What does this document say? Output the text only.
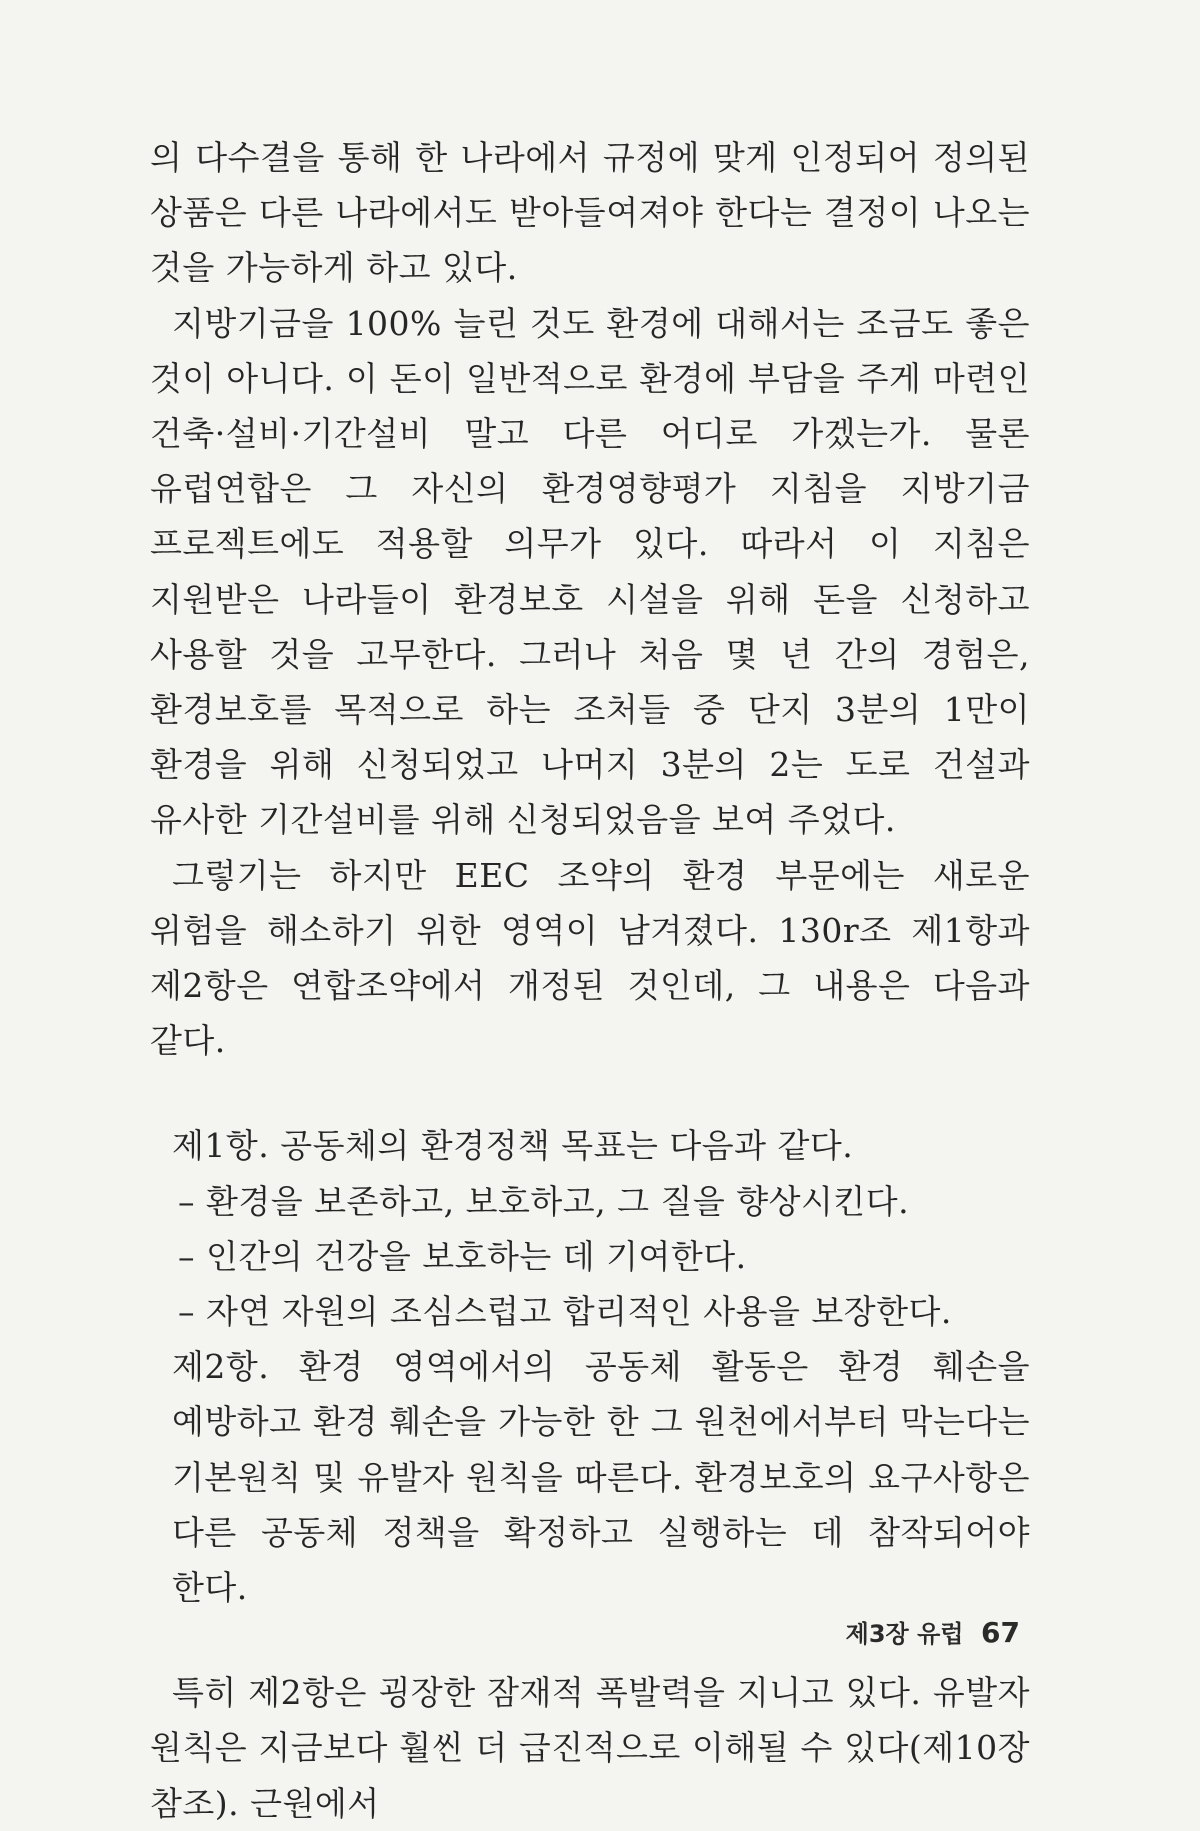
의 다수결을 통해 한 나라에서 규정에 맞게 인정되어 정의된 상품은 다른 나라에서도 받아들여져야 한다는 결정이 나오는 것을 가능하게 하고 있다.

지방기금을 100% 늘린 것도 환경에 대해서는 조금도 좋은 것이 아니다. 이 돈이 일반적으로 환경에 부담을 주게 마련인 건축·설비·기간설비 말고 다른 어디로 가겠는가. 물론 유럽연합은 그 자신의 환경영향평가 지침을 지방기금 프로젝트에도 적용할 의무가 있다. 따라서 이 지침은 지원받은 나라들이 환경보호 시설을 위해 돈을 신청하고 사용할 것을 고무한다. 그러나 처음 몇 년 간의 경험은, 환경보호를 목적으로 하는 조처들 중 단지 3분의 1만이 환경을 위해 신청되었고 나머지 3분의 2는 도로 건설과 유사한 기간설비를 위해 신청되었음을 보여 주었다.

그렇기는 하지만 EEC 조약의 환경 부문에는 새로운 위험을 해소하기 위한 영역이 남겨졌다. 130r조 제1항과 제2항은 연합조약에서 개정된 것인데, 그 내용은 다음과 같다.

제1항. 공동체의 환경정책 목표는 다음과 같다.

– 환경을 보존하고, 보호하고, 그 질을 향상시킨다.

– 인간의 건강을 보호하는 데 기여한다.

– 자연 자원의 조심스럽고 합리적인 사용을 보장한다.

제2항. 환경 영역에서의 공동체 활동은 환경 훼손을 예방하고 환경 훼손을 가능한 한 그 원천에서부터 막는다는 기본원칙 및 유발자 원칙을 따른다. 환경보호의 요구사항은 다른 공동체 정책을 확정하고 실행하는 데 참작되어야 한다.

특히 제2항은 굉장한 잠재적 폭발력을 지니고 있다. 유발자 원칙은 지금보다 훨씬 더 급진적으로 이해될 수 있다(제10장 참조). 근원에서

제3장 유럽 67
